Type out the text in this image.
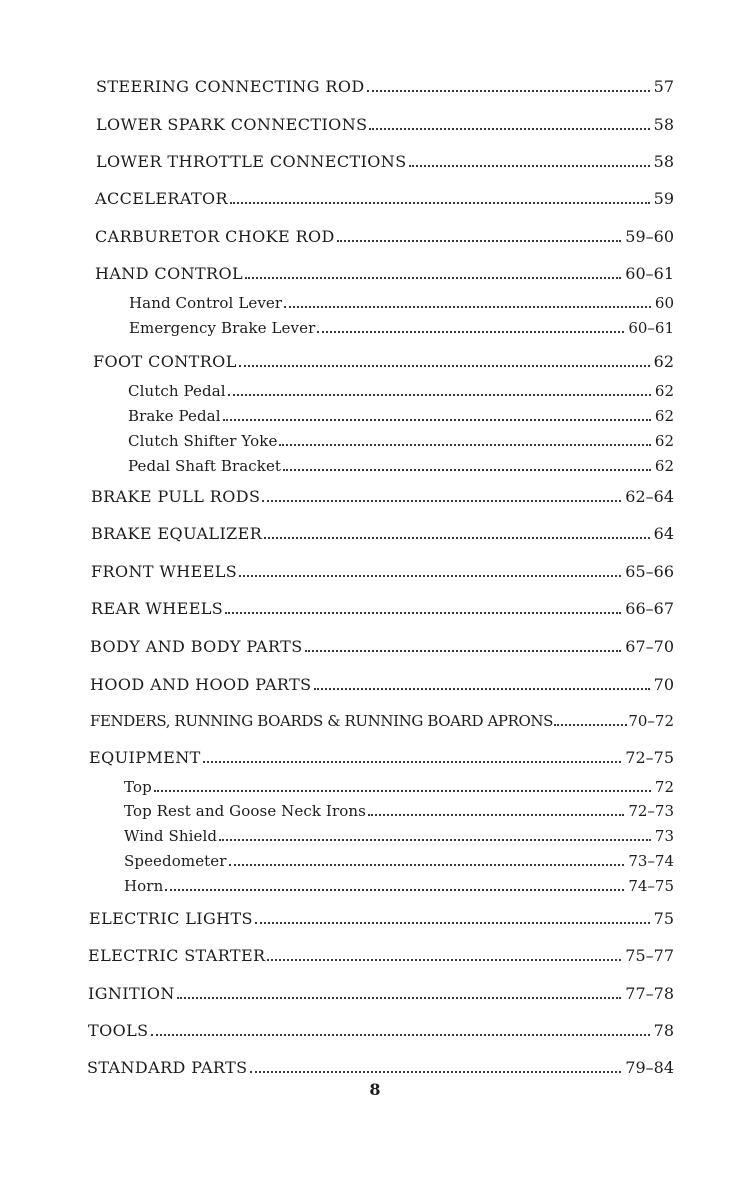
STEERING CONNECTING ROD	57
LOWER SPARK CONNECTIONS	58
LOWER THROTTLE CONNECTIONS	58
ACCELERATOR	59
CARBURETOR CHOKE ROD	59–60
HAND CONTROL	60–61
Hand Control Lever	60
Emergency Brake Lever	60–61
FOOT CONTROL	62
Clutch Pedal	62
Brake Pedal	62
Clutch Shifter Yoke	62
Pedal Shaft Bracket	62
BRAKE PULL RODS	62–64
BRAKE EQUALIZER	64
FRONT WHEELS	65–66
REAR WHEELS	66–67
BODY AND BODY PARTS	67–70
HOOD AND HOOD PARTS	70
FENDERS, RUNNING BOARDS & RUNNING BOARD APRONS	70–72
EQUIPMENT	72–75
Top	72
Top Rest and Goose Neck Irons	72–73
Wind Shield	73
Speedometer	73–74
Horn	74–75
ELECTRIC LIGHTS	75
ELECTRIC STARTER	75–77
IGNITION	77–78
TOOLS	78
STANDARD PARTS	79–84
8
